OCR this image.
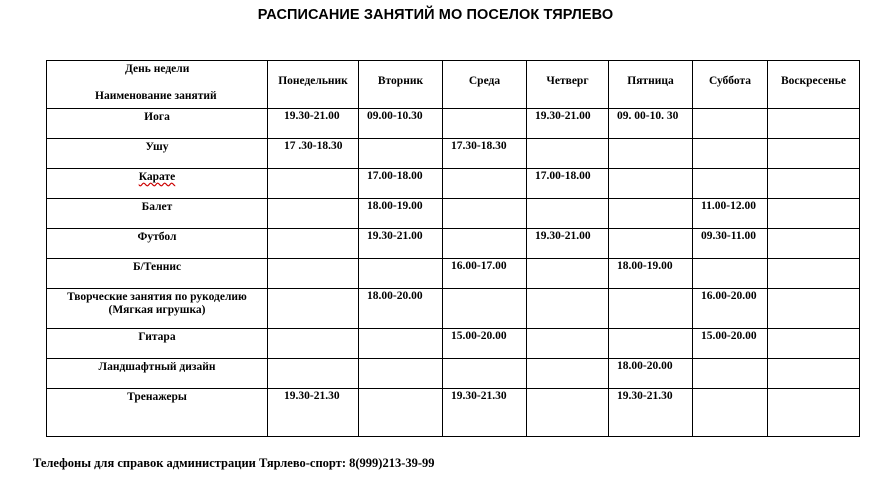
РАСПИСАНИЕ ЗАНЯТИЙ МО ПОСЕЛОК ТЯРЛЕВО
День недели
Наименование занятий	Понедельник	Вторник	Среда	Четверг	Пятница	Суббота	Воскресенье
Иога	19.30-21.00	09.00-10.30		19.30-21.00	09. 00-10. 30		
Ушу	17 .30-18.30		17.30-18.30				
Карате		17.00-18.00		17.00-18.00			
Балет		18.00-19.00				11.00-12.00	
Футбол		19.30-21.00		19.30-21.00		09.30-11.00	
Б/Теннис			16.00-17.00		18.00-19.00		
Творческие занятия по рукоделию (Мягкая игрушка)		18.00-20.00				16.00-20.00	
Гитара			15.00-20.00			15.00-20.00	
Ландшафтный дизайн					18.00-20.00		
Тренажеры	19.30-21.30		19.30-21.30		19.30-21.30		
Телефоны для справок администрации Тярлево-спорт: 8(999)213-39-99
